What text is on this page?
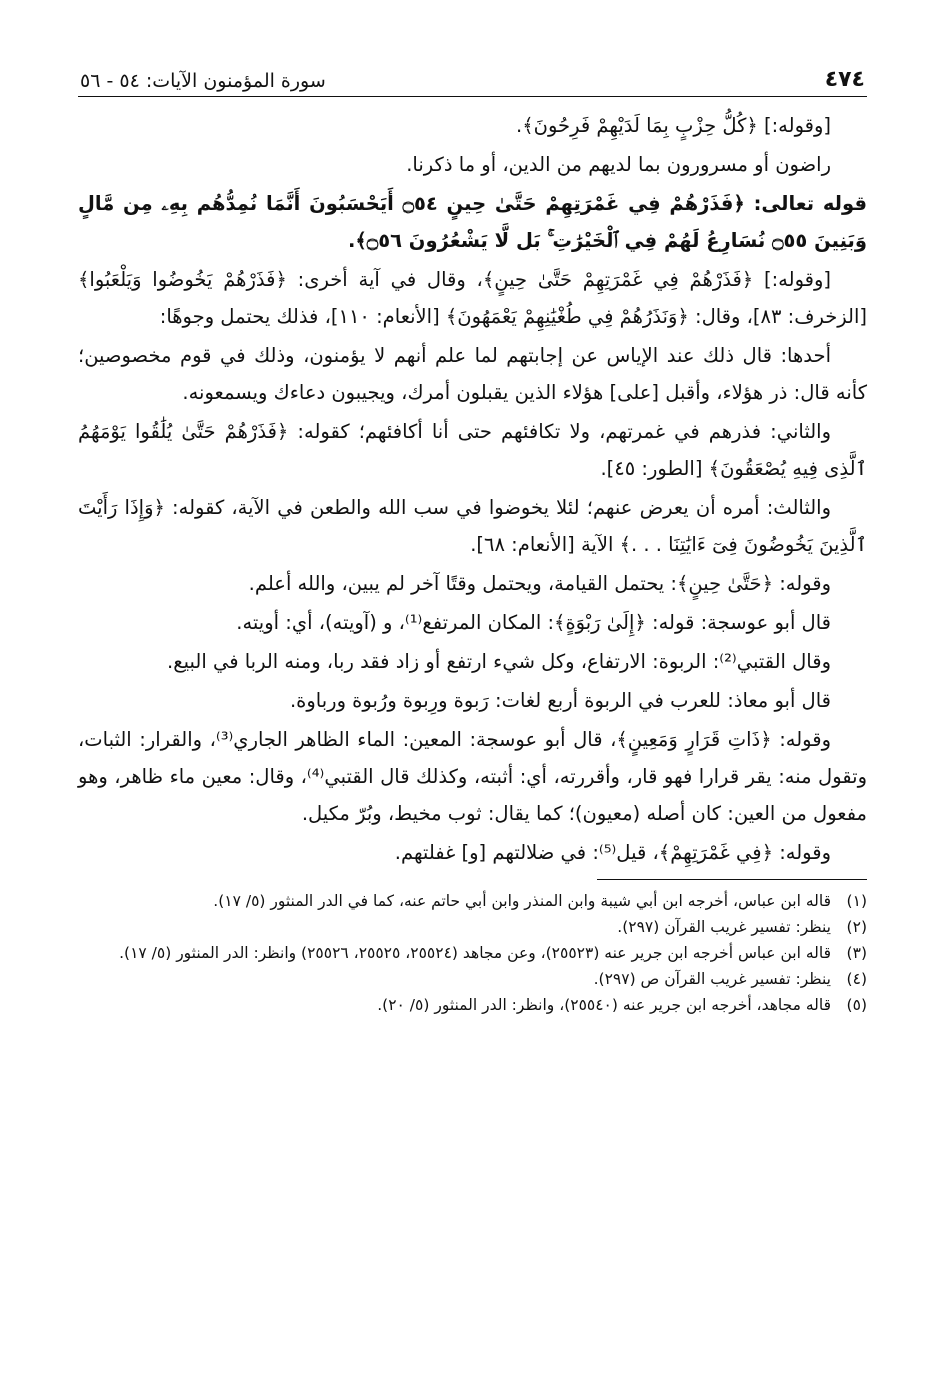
٤٧٤
سورة المؤمنون الآيات: ٥٤ - ٥٦

[وقوله:] ﴿كُلُّ حِزْبٍ بِمَا لَدَيْهِمْ فَرِحُونَ﴾.

راضون أو مسرورون بما لديهم من الدين، أو ما ذكرنا.

قوله تعالى: ﴿فَذَرْهُمْ فِي غَمْرَتِهِمْ حَتَّىٰ حِينٍ ۝٥٤ أَيَحْسَبُونَ أَنَّمَا نُمِدُّهُم بِهِۦ مِن مَّالٍ وَبَنِينَ ۝٥٥ نُسَارِعُ لَهُمْ فِي ٱلْخَيْرَٰتِ ۚ بَل لَّا يَشْعُرُونَ ۝٥٦﴾.

[وقوله:] ﴿فَذَرْهُمْ فِي غَمْرَتِهِمْ حَتَّىٰ حِينٍ﴾، وقال في آية أخرى: ﴿فَذَرْهُمْ يَخُوضُوا وَيَلْعَبُوا﴾ [الزخرف: ٨٣]، وقال: ﴿وَنَذَرُهُمْ فِي طُغْيَٰنِهِمْ يَعْمَهُونَ﴾ [الأنعام: ١١٠]، فذلك يحتمل وجوهًا:

أحدها: قال ذلك عند الإياس عن إجابتهم لما علم أنهم لا يؤمنون، وذلك في قوم مخصوصين؛ كأنه قال: ذر هؤلاء، وأقبل [على] هؤلاء الذين يقبلون أمرك، ويجيبون دعاءك ويسمعونه.

والثاني: فذرهم في غمرتهم، ولا تكافئهم حتى أنا أكافئهم؛ كقوله: ﴿فَذَرْهُمْ حَتَّىٰ يُلَٰقُوا يَوْمَهُمُ ٱلَّذِى فِيهِ يُصْعَقُونَ﴾ [الطور: ٤٥].

والثالث: أمره أن يعرض عنهم؛ لئلا يخوضوا في سب الله والطعن في الآية، كقوله: ﴿وَإِذَا رَأَيْتَ ٱلَّذِينَ يَخُوضُونَ فِىٓ ءَايَٰتِنَا . . .﴾ الآية [الأنعام: ٦٨].

وقوله: ﴿حَتَّىٰ حِينٍ﴾: يحتمل القيامة، ويحتمل وقتًا آخر لم يبين، والله أعلم.

قال أبو عوسجة: قوله: ﴿إِلَىٰ رَبْوَةٍ﴾: المكان المرتفع⁽¹⁾، و (آويته)، أي: أويته.

وقال القتبي⁽²⁾: الربوة: الارتفاع، وكل شيء ارتفع أو زاد فقد ربا، ومنه الربا في البيع.

قال أبو معاذ: للعرب في الربوة أربع لغات: رَبوة ورِبوة ورُبوة ورباوة.

وقوله: ﴿ذَاتِ قَرَارٍ وَمَعِينٍ﴾، قال أبو عوسجة: المعين: الماء الظاهر الجاري⁽³⁾، والقرار: الثبات، وتقول منه: يقر قرارا فهو قار، وأقررته، أي: أثبته، وكذلك قال القتبي⁽⁴⁾، وقال: معين ماء ظاهر، وهو مفعول من العين: كان أصله (معيون)؛ كما يقال: ثوب مخيط، وبُرّ مكيل.

وقوله: ﴿فِي غَمْرَتِهِمْ﴾، قيل⁽⁵⁾: في ضلالتهم [و] غفلتهم.

(١)
قاله ابن عباس، أخرجه ابن أبي شيبة وابن المنذر وابن أبي حاتم عنه، كما في الدر المنثور (٥/ ١٧).
(٢)
ينظر: تفسير غريب القرآن (٢٩٧).
(٣)
قاله ابن عباس أخرجه ابن جرير عنه (٢٥٥٢٣)، وعن مجاهد (٢٥٥٢٤، ٢٥٥٢٥، ٢٥٥٢٦) وانظر: الدر المنثور (٥/ ١٧).
(٤)
ينظر: تفسير غريب القرآن ص (٢٩٧).
(٥)
قاله مجاهد، أخرجه ابن جرير عنه (٢٥٥٤٠)، وانظر: الدر المنثور (٥/ ٢٠).
